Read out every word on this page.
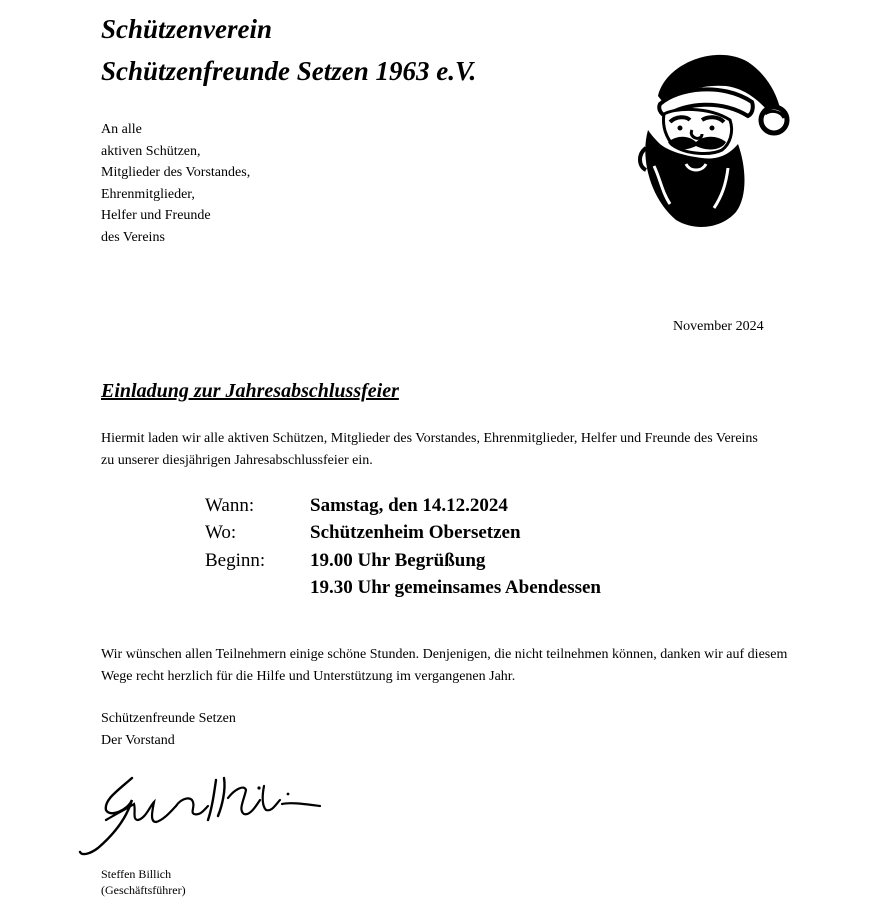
Schützenverein
Schützenfreunde Setzen 1963 e.V.
An alle
aktiven Schützen,
Mitglieder des Vorstandes,
Ehrenmitglieder,
Helfer und Freunde
des Vereins
November 2024
Einladung zur Jahresabschlussfeier

Hiermit laden wir alle aktiven Schützen, Mitglieder des Vorstandes, Ehrenmitglieder, Helfer und Freunde des Vereins zu unserer diesjährigen Jahresabschlussfeier ein.

Wann:	Samstag, den 14.12.2024
Wo:	Schützenheim Obersetzen
Beginn:	19.00 Uhr Begrüßung
19.30 Uhr gemeinsames Abendessen

Wir wünschen allen Teilnehmern einige schöne Stunden. Denjenigen, die nicht teilnehmen können, danken wir auf diesem Wege recht herzlich für die Hilfe und Unterstützung im vergangenen Jahr.

Schützenfreunde Setzen
Der Vorstand
Steffen Billich
(Geschäftsführer)
